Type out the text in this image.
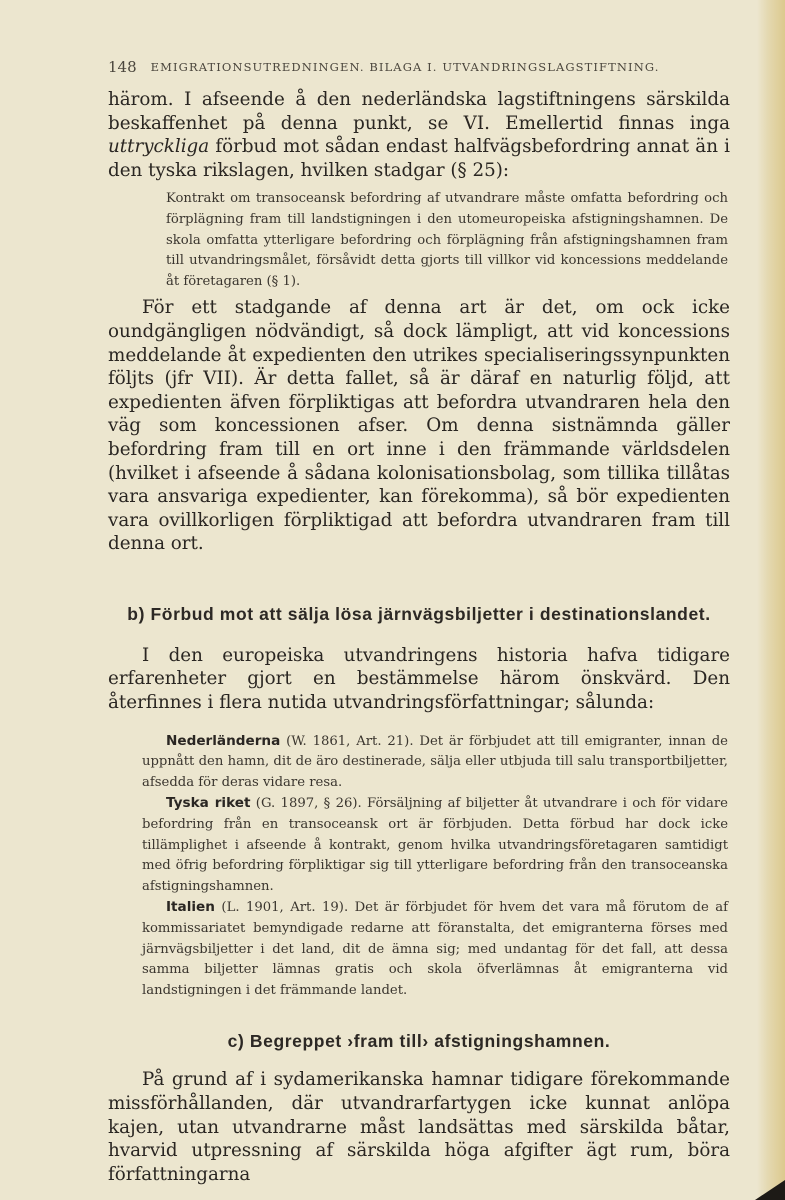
148 EMIGRATIONSUTREDNINGEN. BILAGA I. UTVANDRINGSLAGSTIFTNING.

härom. I afseende å den nederländska lagstiftningens särskilda beskaffenhet på denna punkt, se VI. Emellertid finnas inga uttryckliga förbud mot sådan endast halfvägsbefordring annat än i den tyska rikslagen, hvilken stadgar (§ 25):

Kontrakt om transoceansk befordring af utvandrare måste omfatta befordring och förplägning fram till landstigningen i den utomeuropeiska afstigningshamnen. De skola omfatta ytterligare befordring och förplägning från afstigningshamnen fram till utvandringsmålet, försåvidt detta gjorts till villkor vid koncessions meddelande åt företagaren (§ 1).

För ett stadgande af denna art är det, om ock icke oundgängligen nödvändigt, så dock lämpligt, att vid koncessions meddelande åt expedienten den utrikes specialiseringssynpunkten följts (jfr VII). Är detta fallet, så är däraf en naturlig följd, att expedienten äfven förpliktigas att befordra utvandraren hela den väg som koncessionen afser. Om denna sistnämnda gäller befordring fram till en ort inne i den främmande världsdelen (hvilket i afseende å sådana kolonisationsbolag, som tillika tillåtas vara ansvariga expedienter, kan förekomma), så bör expedienten vara ovillkorligen förpliktigad att befordra utvandraren fram till denna ort.

b) Förbud mot att sälja lösa järnvägsbiljetter i destinationslandet.

I den europeiska utvandringens historia hafva tidigare erfarenheter gjort en bestämmelse härom önskvärd. Den återfinnes i flera nutida utvandringsförfattningar; sålunda:

Nederländerna (W. 1861, Art. 21). Det är förbjudet att till emigranter, innan de uppnått den hamn, dit de äro destinerade, sälja eller utbjuda till salu transportbiljetter, afsedda för deras vidare resa.

Tyska riket (G. 1897, § 26). Försäljning af biljetter åt utvandrare i och för vidare befordring från en transoceansk ort är förbjuden. Detta förbud har dock icke tillämplighet i afseende å kontrakt, genom hvilka utvandringsföretagaren samtidigt med öfrig befordring förpliktigar sig till ytterligare befordring från den transoceanska afstigningshamnen.

Italien (L. 1901, Art. 19). Det är förbjudet för hvem det vara må förutom de af kommissariatet bemyndigade redarne att föranstalta, det emigranterna förses med järnvägsbiljetter i det land, dit de ämna sig; med undantag för det fall, att dessa samma biljetter lämnas gratis och skola öfverlämnas åt emigranterna vid landstigningen i det främmande landet.

c) Begreppet ›fram till› afstigningshamnen.

På grund af i sydamerikanska hamnar tidigare förekommande missförhållanden, där utvandrarfartygen icke kunnat anlöpa kajen, utan utvandrarne måst landsättas med särskilda båtar, hvarvid utpressning af särskilda höga afgifter ägt rum, böra författningarna
